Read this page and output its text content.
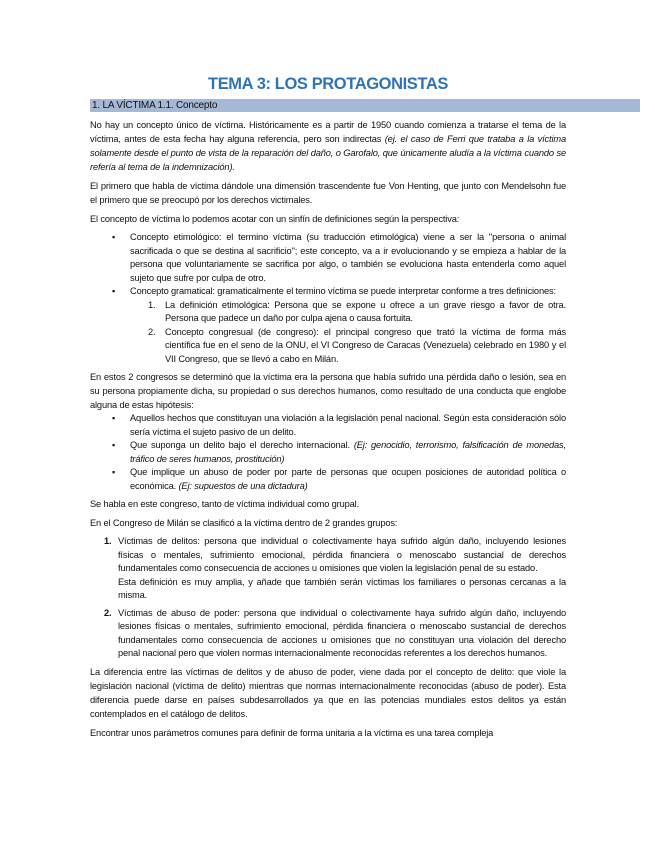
TEMA 3: LOS PROTAGONISTAS
1. LA VÍCTIMA 1.1. Concepto

No hay un concepto único de víctima. Históricamente es a partir de 1950 cuando comienza a tratarse el tema de la víctima, antes de esta fecha hay alguna referencia, pero son indirectas (ej. el caso de Ferri que trataba a la víctima solamente desde el punto de vista de la reparación del daño, o Garofalo, que únicamente aludía a la víctima cuando se refería al tema de la indemnización).

El primero que habla de víctima dándole una dimensión trascendente fue Von Henting, que junto con Mendelsohn fue el primero que se preocupó por los derechos victimales.

El concepto de víctima lo podemos acotar con un sinfín de definiciones según la perspectiva:

▪ Concepto etimológico: el termino víctima (su traducción etimológica) viene a ser la "persona o animal sacrificada o que se destina al sacrificio"; este concepto, va a ir evolucionando y se empieza a hablar de la persona que voluntariamente se sacrifica por algo, o también se evoluciona hasta entenderla como aquel sujeto que sufre por culpa de otro.
▪ Concepto gramatical: gramaticalmente el termino víctima se puede interpretar conforme a tres definiciones:
1. La definición etimológica: Persona que se expone u ofrece a un grave riesgo a favor de otra. Persona que padece un daño por culpa ajena o causa fortuita.
2. Concepto congresual (de congreso): el principal congreso que trató la víctima de forma más científica fue en el seno de la ONU, el VI Congreso de Caracas (Venezuela) celebrado en 1980 y el VII Congreso, que se llevó a cabo en Milán.

En estos 2 congresos se determinó que la víctima era la persona que había sufrido una pérdida daño o lesión, sea en su persona propiamente dicha, su propiedad o sus derechos humanos, como resultado de una conducta que englobe alguna de estas hipótesis:

▪ Aquellos hechos que constituyan una violación a la legislación penal nacional. Según esta consideración sólo sería víctima el sujeto pasivo de un delito.
▪ Que suponga un delito bajo el derecho internacional. (Ej: genocidio, terrorismo, falsificación de monedas, tráfico de seres humanos, prostitución)
▪ Que implique un abuso de poder por parte de personas que ocupen posiciones de autoridad política o económica. (Ej: supuestos de una dictadura)

Se habla en este congreso, tanto de víctima individual como grupal.

En el Congreso de Milán se clasificó a la víctima dentro de 2 grandes grupos:

1. Víctimas de delitos: persona que individual o colectivamente haya sufrido algún daño, incluyendo lesiones físicas o mentales, sufrimiento emocional, pérdida financiera o menoscabo sustancial de derechos fundamentales como consecuencia de acciones u omisiones que violen la legislación penal de su estado.
Esta definición es muy amplia, y añade que también serán víctimas los familiares o personas cercanas a la misma.
2. Víctimas de abuso de poder: persona que individual o colectivamente haya sufrido algún daño, incluyendo lesiones físicas o mentales, sufrimiento emocional, pérdida financiera o menoscabo sustancial de derechos fundamentales como consecuencia de acciones u omisiones que no constituyan una violación del derecho penal nacional pero que violen normas internacionalmente reconocidas referentes a los derechos humanos.

La diferencia entre las víctimas de delitos y de abuso de poder, viene dada por el concepto de delito: que viole la legislación nacional (víctima de delito) mientras que normas internacionalmente reconocidas (abuso de poder). Esta diferencia puede darse en países subdesarrollados ya que en las potencias mundiales estos delitos ya están contemplados en el catálogo de delitos.

Encontrar unos parámetros comunes para definir de forma unitaria a la víctima es una tarea compleja
